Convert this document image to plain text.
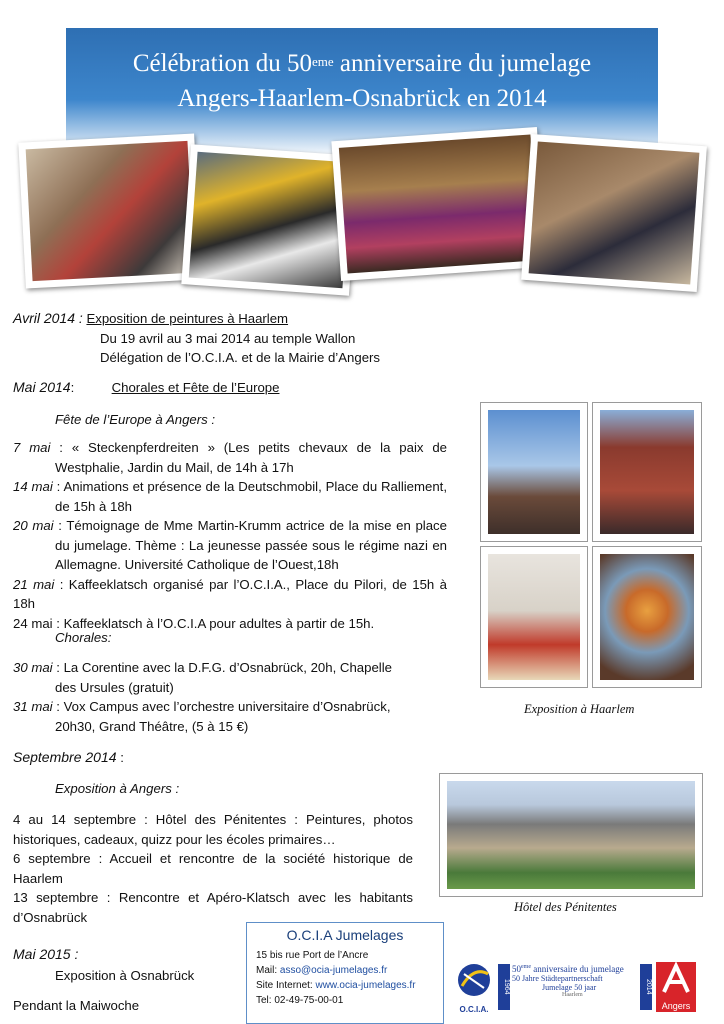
Célébration du 50eme anniversaire du jumelage
Angers-Haarlem-Osnabrück en 2014
Avril 2014 : Exposition de peintures à Haarlem
Du 19 avril au 3 mai 2014 au temple Wallon
Délégation de l’O.C.I.A. et de la Mairie d’Angers
Mai 2014:	Chorales et Fête de l’Europe
Fête de l’Europe à Angers :
7 mai : « Steckenpferdreiten » (Les petits chevaux de la paix de Westphalie, Jardin du Mail, de 14h à 17h
14 mai : Animations et présence de la Deutschmobil, Place du Ralliement, de 15h à 18h
20 mai : Témoignage de Mme Martin-Krumm actrice de la mise en place du jumelage. Thème : La jeunesse passée sous le régime nazi en Allemagne. Université Catholique de l’Ouest,18h
21 mai : Kaffeeklatsch organisé par l’O.C.I.A., Place du Pilori, de 15h à 18h
24 mai : Kaffeeklatsch à l’O.C.I.A pour adultes à partir de 15h.
Chorales:
30 mai : La Corentine avec la D.F.G. d’Osnabrück, 20h, Chapelle des Ursules (gratuit)
31 mai : Vox Campus avec l’orchestre universitaire d’Osnabrück, 20h30, Grand Théâtre, (5 à 15 €)
Septembre 2014 :
Exposition à Angers :
4 au 14 septembre : Hôtel des Pénitentes : Peintures, photos historiques, cadeaux, quizz pour les écoles primaires…
6 septembre : Accueil et rencontre de la société historique de Haarlem
13 septembre : Rencontre et Apéro-Klatsch avec les habitants d’Osnabrück
Mai 2015 :
Exposition à Osnabrück
Pendant la Maiwoche
Exposition à Haarlem
Hôtel des Pénitentes
O.C.I.A Jumelages
15 bis rue Port de l’Ancre
Mail: asso@ocia-jumelages.fr
Site Internet: www.ocia-jumelages.fr
Tel: 02-49-75-00-01
O.C.I.A.
1964
50eme anniversaire du jumelage
50 Jahre Städtepartnerschaft
Jumelage 50 jaar
Haarlem
2014
Angers
